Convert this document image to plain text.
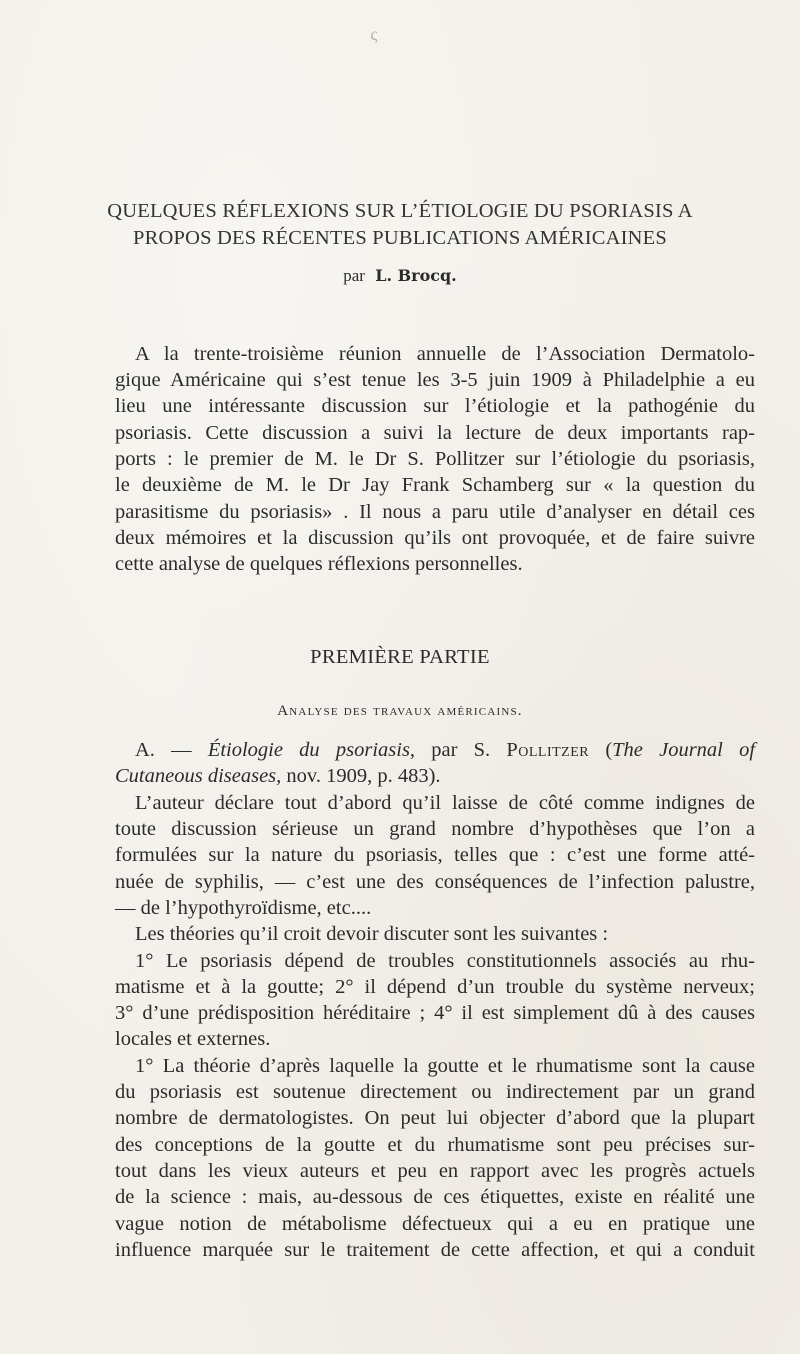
ς
QUELQUES RÉFLEXIONS SUR L’ÉTIOLOGIE DU PSORIASIS A
PROPOS DES RÉCENTES PUBLICATIONS AMÉRICAINES
par L. Brocq.
A la trente-troisième réunion annuelle de l’Association Dermatolo-
gique Américaine qui s’est tenue les 3-5 juin 1909 à Philadelphie a eu
lieu une intéressante discussion sur l’étiologie et la pathogénie du
psoriasis. Cette discussion a suivi la lecture de deux importants rap-
ports : le premier de M. le Dr S. Pollitzer sur l’étiologie du psoriasis,
le deuxième de M. le Dr Jay Frank Schamberg sur « la question du
parasitisme du psoriasis» . Il nous a paru utile d’analyser en détail ces
deux mémoires et la discussion qu’ils ont provoquée, et de faire suivre
cette analyse de quelques réflexions personnelles.
PREMIÈRE PARTIE
Analyse des travaux américains.
A. — Étiologie du psoriasis, par S. Pollitzer (The Journal of
Cutaneous diseases, nov. 1909, p. 483).
L’auteur déclare tout d’abord qu’il laisse de côté comme indignes de
toute discussion sérieuse un grand nombre d’hypothèses que l’on a
formulées sur la nature du psoriasis, telles que : c’est une forme atté-
nuée de syphilis, — c’est une des conséquences de l’infection palustre,
— de l’hypothyroïdisme, etc....
Les théories qu’il croit devoir discuter sont les suivantes :
1° Le psoriasis dépend de troubles constitutionnels associés au rhu-
matisme et à la goutte; 2° il dépend d’un trouble du système nerveux;
3° d’une prédisposition héréditaire ; 4° il est simplement dû à des causes
locales et externes.
1° La théorie d’après laquelle la goutte et le rhumatisme sont la cause
du psoriasis est soutenue directement ou indirectement par un grand
nombre de dermatologistes. On peut lui objecter d’abord que la plupart
des conceptions de la goutte et du rhumatisme sont peu précises sur-
tout dans les vieux auteurs et peu en rapport avec les progrès actuels
de la science : mais, au-dessous de ces étiquettes, existe en réalité une
vague notion de métabolisme défectueux qui a eu en pratique une
influence marquée sur le traitement de cette affection, et qui a conduit
